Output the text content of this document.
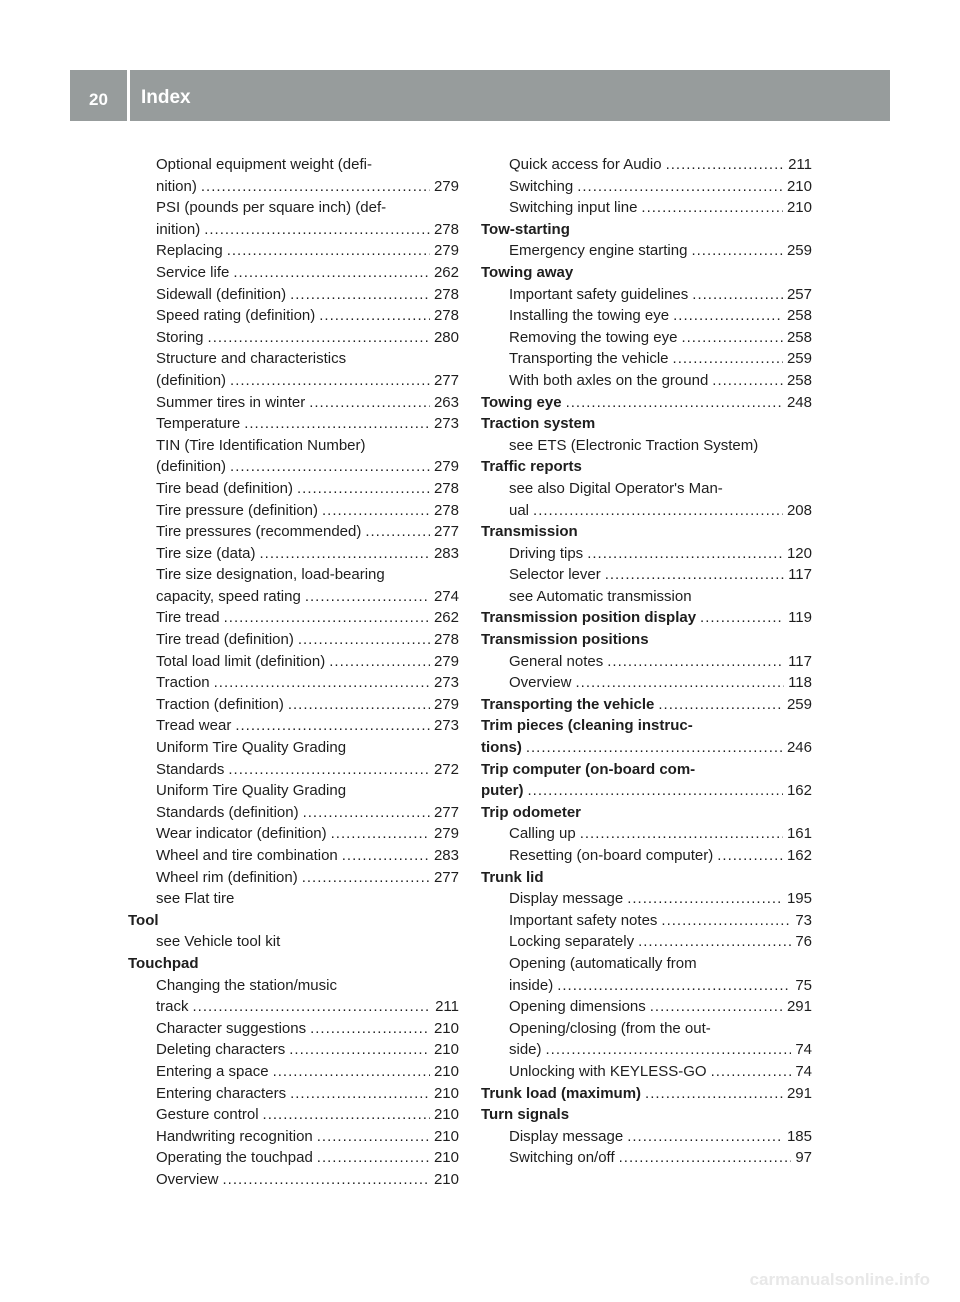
20	Index
Optional equipment weight (defi-
nition) .....	279
PSI (pounds per square inch) (def-
inition) .....	278
Replacing .....	279
Service life .....	262
Sidewall (definition) .....	278
Speed rating (definition) .....	278
Storing .....	280
Structure and characteristics
(definition) .....	277
Summer tires in winter .....	263
Temperature .....	273
TIN (Tire Identification Number)
(definition) .....	279
Tire bead (definition) .....	278
Tire pressure (definition) .....	278
Tire pressures (recommended) .....	277
Tire size (data) .....	283
Tire size designation, load-bearing
capacity, speed rating .....	274
Tire tread .....	262
Tire tread (definition) .....	278
Total load limit (definition) .....	279
Traction .....	273
Traction (definition) .....	279
Tread wear .....	273
Uniform Tire Quality Grading
Standards .....	272
Uniform Tire Quality Grading
Standards (definition) .....	277
Wear indicator (definition) .....	279
Wheel and tire combination .....	283
Wheel rim (definition) .....	277
see Flat tire
Tool
see Vehicle tool kit
Touchpad
Changing the station/music
track .....	211
Character suggestions .....	210
Deleting characters .....	210
Entering a space .....	210
Entering characters .....	210
Gesture control .....	210
Handwriting recognition .....	210
Operating the touchpad .....	210
Overview .....	210
Quick access for Audio .....	211
Switching .....	210
Switching input line .....	210
Tow-starting
Emergency engine starting .....	259
Towing away
Important safety guidelines .....	257
Installing the towing eye .....	258
Removing the towing eye .....	258
Transporting the vehicle .....	259
With both axles on the ground .....	258
Towing eye .....	248
Traction system
see ETS (Electronic Traction System)
Traffic reports
see also Digital Operator's Man-
ual .....	208
Transmission
Driving tips .....	120
Selector lever .....	117
see Automatic transmission
Transmission position display .....	119
Transmission positions
General notes .....	117
Overview .....	118
Transporting the vehicle .....	259
Trim pieces (cleaning instruc-
tions) .....	246
Trip computer (on-board com-
puter) .....	162
Trip odometer
Calling up .....	161
Resetting (on-board computer) .....	162
Trunk lid
Display message .....	195
Important safety notes .....	73
Locking separately .....	76
Opening (automatically from
inside) .....	75
Opening dimensions .....	291
Opening/closing (from the out-
side) .....	74
Unlocking with KEYLESS-GO .....	74
Trunk load (maximum) .....	291
Turn signals
Display message .....	185
Switching on/off .....	97
carmanualsonline.info
